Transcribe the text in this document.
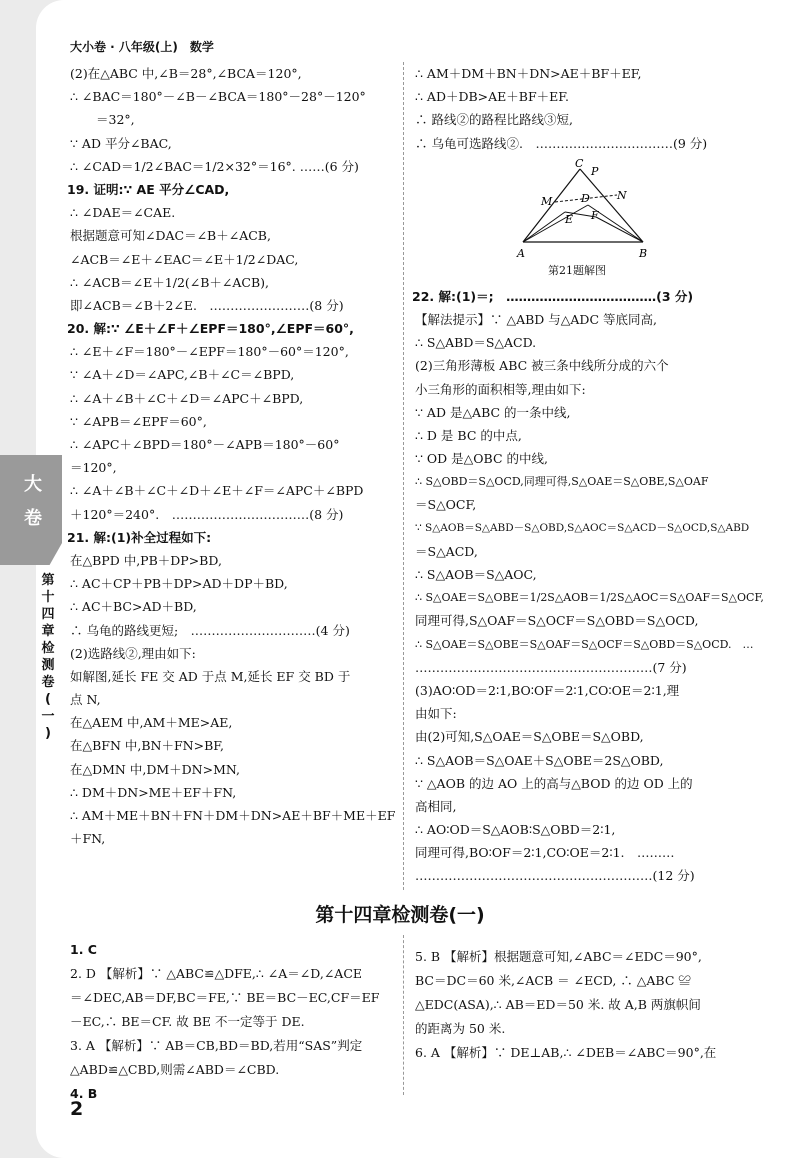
大小卷 · 八年级(上)　数学
大
卷
第
十
四
章
检
测
卷
(
一
)
(2)在△ABC 中,∠B＝28°,∠BCA＝120°,
∴ ∠BAC＝180°－∠B－∠BCA＝180°－28°－120°
＝32°,
∵ AD 平分∠BAC,
∴ ∠CAD＝1/2∠BAC＝1/2×32°＝16°. ……(6 分)
19. 证明:∵ AE 平分∠CAD,
∴ ∠DAE＝∠CAE.
根据题意可知∠DAC＝∠B＋∠ACB,
∠ACB＝∠E＋∠EAC＝∠E＋1/2∠DAC,
∴ ∠ACB＝∠E＋1/2(∠B＋∠ACB),
即∠ACB＝∠B＋2∠E.　……………………(8 分)
20. 解:∵ ∠E＋∠F＋∠EPF＝180°,∠EPF＝60°,
∴ ∠E＋∠F＝180°－∠EPF＝180°－60°＝120°,
∵ ∠A＋∠D＝∠APC,∠B＋∠C＝∠BPD,
∴ ∠A＋∠B＋∠C＋∠D＝∠APC＋∠BPD,
∵ ∠APB＝∠EPF＝60°,
∴ ∠APC＋∠BPD＝180°－∠APB＝180°－60°
＝120°,
∴ ∠A＋∠B＋∠C＋∠D＋∠E＋∠F＝∠APC＋∠BPD
＋120°＝240°.　……………………………(8 分)
21. 解:(1)补全过程如下:
在△BPD 中,PB＋DP>BD,
∴ AC＋CP＋PB＋DP>AD＋DP＋BD,
∴ AC＋BC>AD＋BD,
∴ 乌龟的路线更短;　…………………………(4 分)
(2)选路线②,理由如下:
如解图,延长 FE 交 AD 于点 M,延长 EF 交 BD 于
点 N,
在△AEM 中,AM＋ME>AE,
在△BFN 中,BN＋FN>BF,
在△DMN 中,DM＋DN>MN,
∴ DM＋DN>ME＋EF＋FN,
∴ AM＋ME＋BN＋FN＋DM＋DN>AE＋BF＋ME＋EF
＋FN,
∴ AM＋DM＋BN＋DN>AE＋BF＋EF,
∴ AD＋DB>AE＋BF＋EF.
∴ 路线②的路程比路线③短,
∴ 乌龟可选路线②.　……………………………(9 分)
22. 解:(1)＝;　………………………………(3 分)
【解法提示】∵ △ABD 与△ADC 等底同高,
∴ S△ABD＝S△ACD.
(2)三角形薄板 ABC 被三条中线所分成的六个
小三角形的面积相等,理由如下:
∵ AD 是△ABC 的一条中线,
∴ D 是 BC 的中点,
∵ OD 是△OBC 的中线,
∴ S△OBD＝S△OCD,同理可得,S△OAE＝S△OBE,S△OAF
＝S△OCF,
∵ S△AOB＝S△ABD－S△OBD,S△AOC＝S△ACD－S△OCD,S△ABD
＝S△ACD,
∴ S△AOB＝S△AOC,
∴ S△OAE＝S△OBE＝1/2S△AOB＝1/2S△AOC＝S△OAF＝S△OCF,
同理可得,S△OAF＝S△OCF＝S△OBD＝S△OCD,
∴ S△OAE＝S△OBE＝S△OAF＝S△OCF＝S△OBD＝S△OCD.　…
…………………………………………………(7 分)
(3)AO∶OD＝2∶1,BO∶OF＝2∶1,CO∶OE＝2∶1,理
由如下:
由(2)可知,S△OAE＝S△OBE＝S△OBD,
∴ S△AOB＝S△OAE＋S△OBE＝2S△OBD,
∵ △AOB 的边 AO 上的高与△BOD 的边 OD 上的
高相同,
∴ AO∶OD＝S△AOB∶S△OBD＝2∶1,
同理可得,BO∶OF＝2∶1,CO∶OE＝2∶1.　………
…………………………………………………(12 分)
C
P
M	D N
E F
A	B
第21题解图
第十四章检测卷(一)
1. C
2. D 【解析】∵ △ABC≌△DFE,∴ ∠A＝∠D,∠ACE
＝∠DEC,AB＝DF,BC＝FE,∵ BE＝BC－EC,CF＝EF
－EC,∴ BE＝CF. 故 BE 不一定等于 DE.
3. A 【解析】∵ AB＝CB,BD＝BD,若用“SAS”判定
△ABD≌△CBD,则需∠ABD＝∠CBD.
4. B
5. B 【解析】根据题意可知,∠ABC＝∠EDC＝90°,
BC＝DC＝60 米,∠ACB ＝ ∠ECD, ∴ △ABC ≌
△EDC(ASA),∴ AB＝ED＝50 米. 故 A,B 两旗帜间
的距离为 50 米.
6. A 【解析】∵ DE⊥AB,∴ ∠DEB＝∠ABC＝90°,在
2
